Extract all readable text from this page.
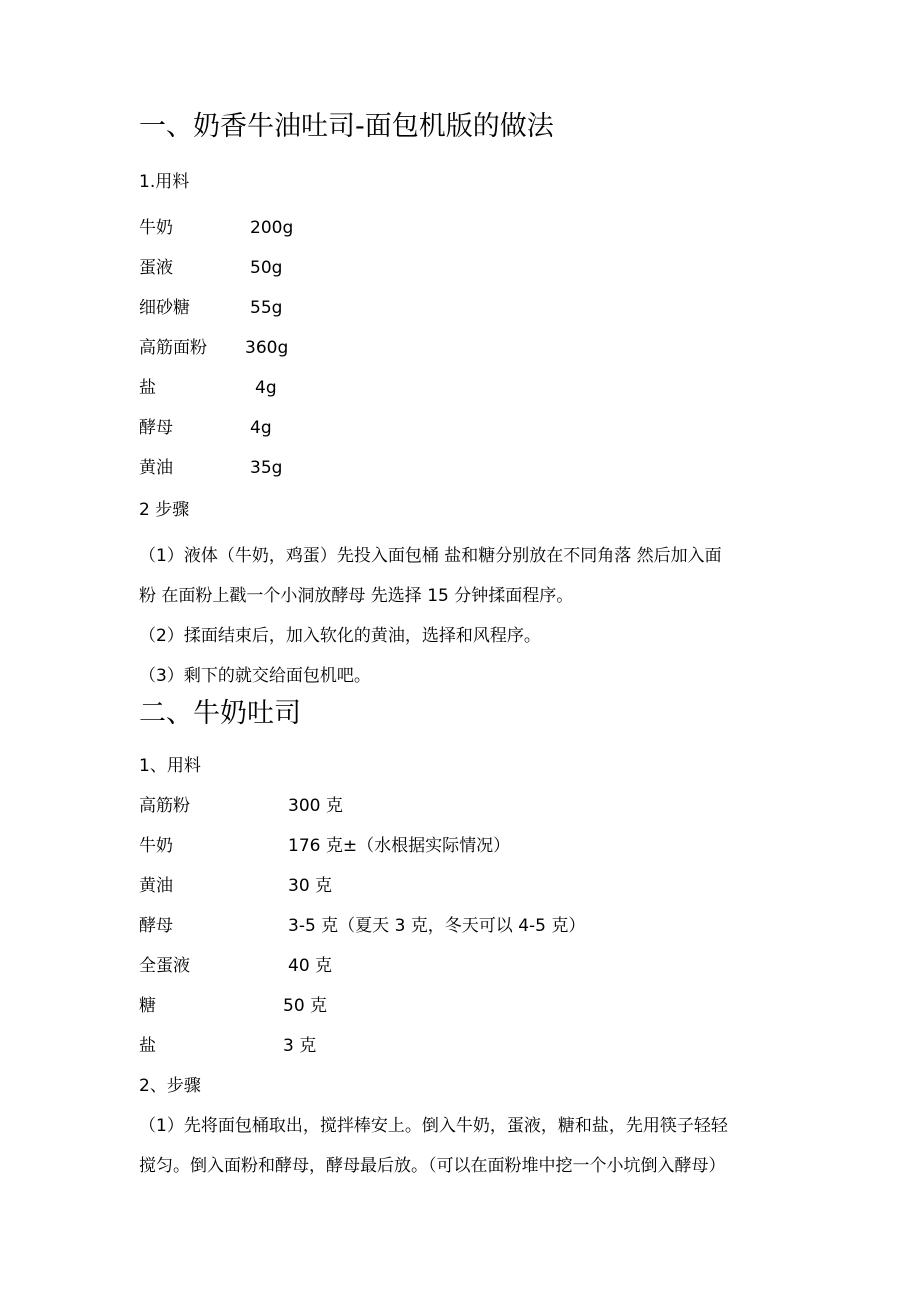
一、奶香牛油吐司-面包机版的做法
1.用料
牛奶	200g
蛋液	50g
细砂糖	55g
高筋面粉 360g
盐	4g
酵母	4g
黄油	35g
2 步骤
（1）液体（牛奶，鸡蛋）先投入面包桶 盐和糖分别放在不同角落 然后加入面
粉 在面粉上戳一个小洞放酵母 先选择 15 分钟揉面程序。
（2）揉面结束后，加入软化的黄油，选择和风程序。
（3）剩下的就交给面包机吧。
二、牛奶吐司
1、用料
高筋粉	300 克
牛奶	176 克±（水根据实际情况）
黄油	30 克
酵母	3-5 克（夏天 3 克，冬天可以 4-5 克）
全蛋液	40 克
糖	50 克
盐	3 克
2、步骤
（1）先将面包桶取出，搅拌棒安上。倒入牛奶，蛋液，糖和盐，先用筷子轻轻
搅匀。倒入面粉和酵母，酵母最后放。（可以在面粉堆中挖一个小坑倒入酵母）
